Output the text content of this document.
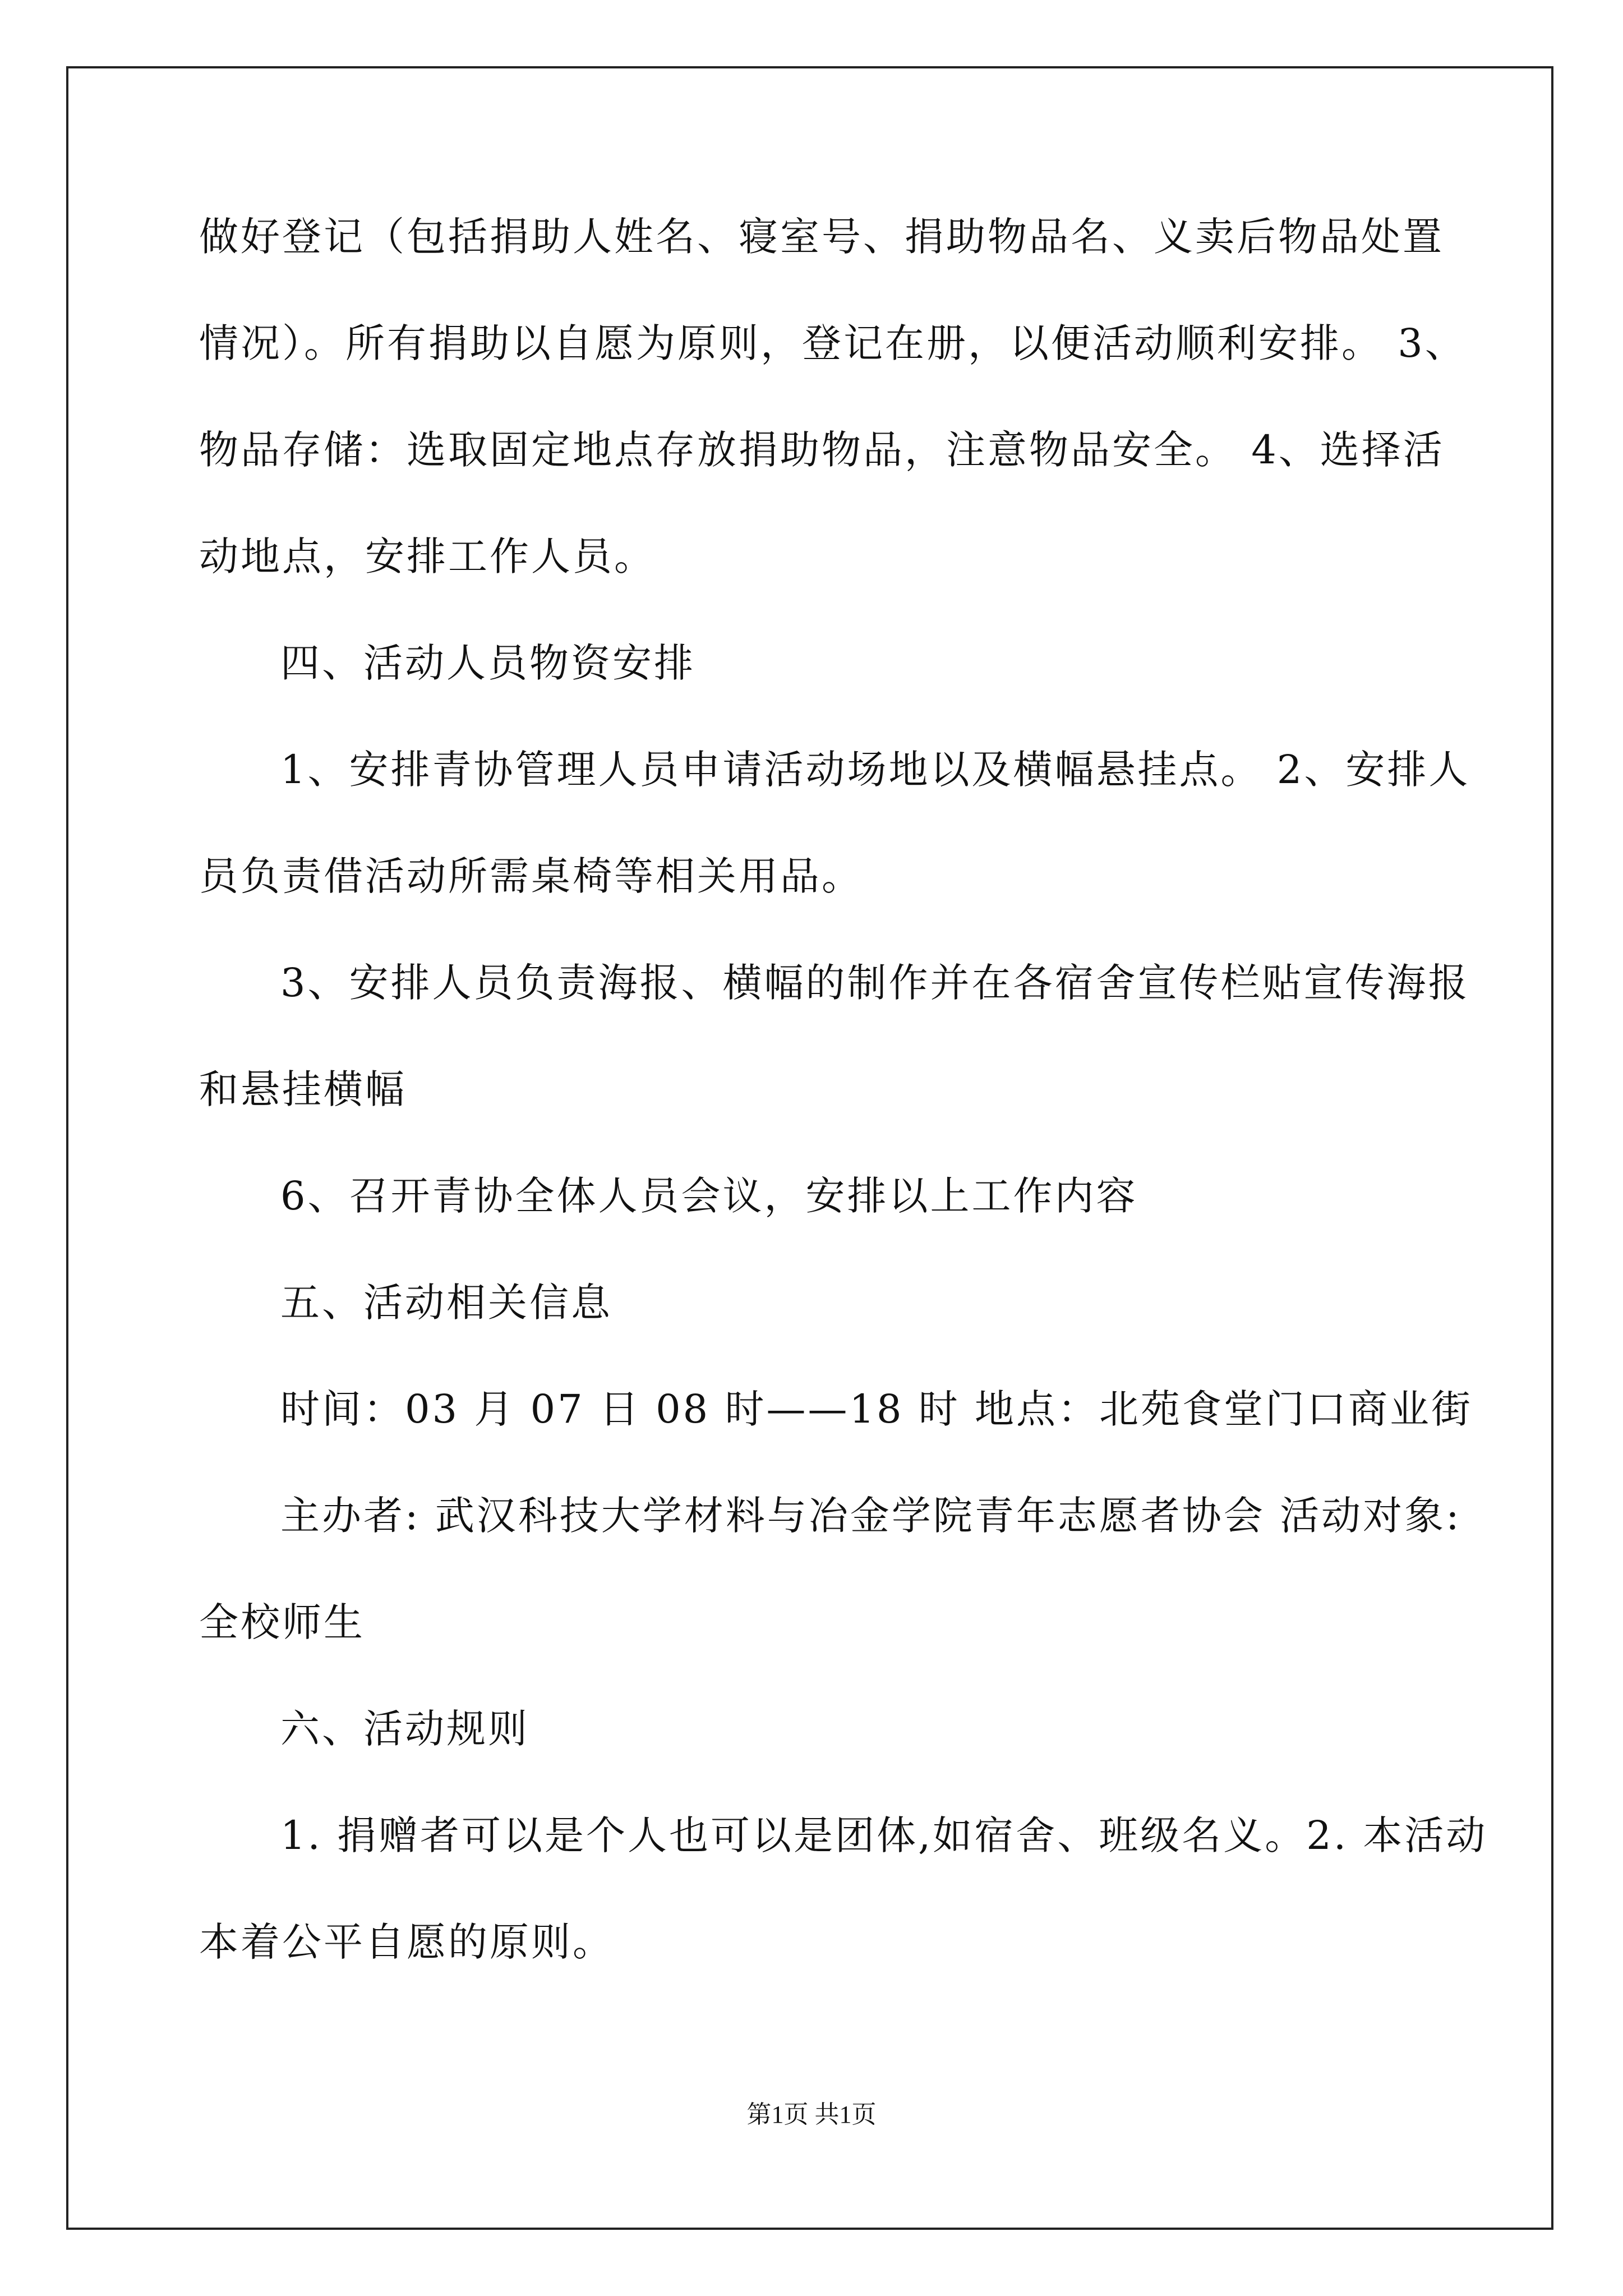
做好登记（包括捐助人姓名、寝室号、捐助物品名、义卖后物品处置
情况）。所有捐助以自愿为原则，登记在册，以便活动顺利安排。 3、
物品存储：选取固定地点存放捐助物品，注意物品安全。 4、选择活
动地点，安排工作人员。
四、活动人员物资安排
1、安排青协管理人员申请活动场地以及横幅悬挂点。 2、安排人
员负责借活动所需桌椅等相关用品。
3、安排人员负责海报、横幅的制作并在各宿舍宣传栏贴宣传海报
和悬挂横幅
6、召开青协全体人员会议，安排以上工作内容
五、活动相关信息
时间：03 月 07 日 08 时——18 时 地点：北苑食堂门口商业街
主办者: 武汉科技大学材料与冶金学院青年志愿者协会 活动对象:
全校师生
六、活动规则
1. 捐赠者可以是个人也可以是团体,如宿舍、班级名义。2. 本活动
本着公平自愿的原则。
第1页 共1页
